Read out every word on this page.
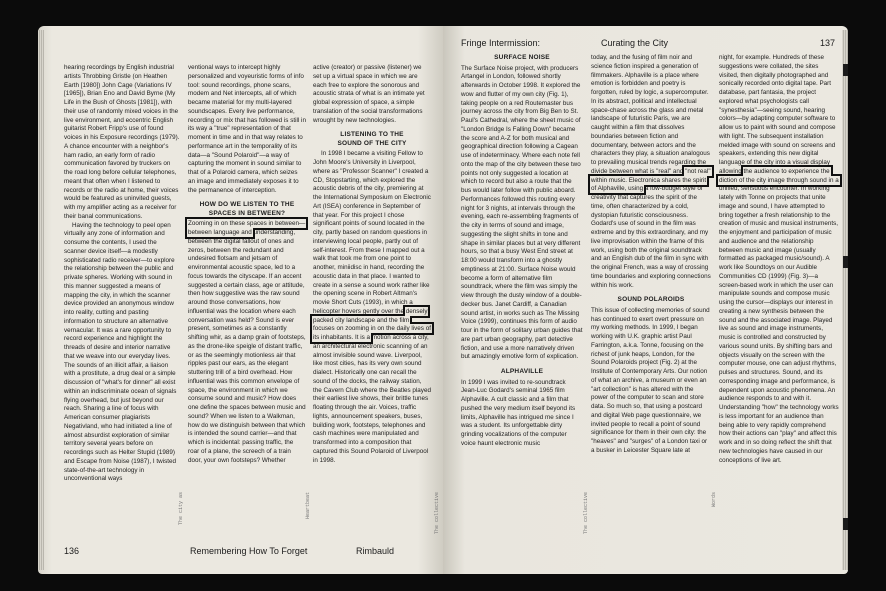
hearing recordings by English industrial artists Throbbing Gristle (on Heathen Earth [1980]) John Cage (Variations IV [1965]), Brian Eno and David Byrne (My Life in the Bush of Ghosts [1981]), with their use of randomly mixed voices in the live environment, and eccentric English guitarist Robert Fripp's use of found voices in his Exposure recordings (1979). A chance encounter with a neighbor's ham radio, an early form of radio communication favored by truckers on the road long before cellular telephones, meant that often when I listened to records or the radio at home, their voices would be featured as uninvited guests, with my amplifier acting as a receiver for their banal communications.

Having the technology to peel open virtually any zone of information and consume the contents, I used the scanner device itself—a modestly sophisticated radio receiver—to explore the relationship between the public and private spheres. Working with sound in this manner suggested a means of mapping the city, in which the scanner device provided an anonymous window into reality, cutting and pasting information to structure an alternative vernacular. It was a rare opportunity to record experience and highlight the threads of desire and interior narrative that we weave into our everyday lives. The sounds of an illicit affair, a liaison with a prostitute, a drug deal or a simple discussion of "what's for dinner" all exist within an indiscriminate ocean of signals flying overhead, but just beyond our reach. Sharing a line of focus with American consumer plagiarists Negativland, who had initiated a line of almost absurdist exploration of similar territory several years before on recordings such as Helter Stupid (1989) and Escape from Noise (1987), I twisted state-of-the-art technology in unconventional ways

ventional ways to intercept highly personalized and voyeuristic forms of info tool: sound recordings, phone scans, modem and Net intercepts, all of which became material for my multi-layered soundscapes. Every live performance, recording or mix that has followed is still in its way a "true" representation of that moment in time and in that way relates to performance art in the temporality of its data—a "Sound Polaroid"—a way of capturing the moment in sound similar to that of a Polaroid camera, which seizes an image and immediately exposes it to the permanence of interception.

HOW DO WE LISTEN TO THE
SPACES IN BETWEEN?

Zooming in on these spaces in between—between language and understanding, between the digital fallout of ones and zeros, between the redundant and undesired flotsam and jetsam of environmental acoustic space, led to a focus towards the cityscape. If an accent suggested a certain class, age or attitude, then how suggestive was the raw sound around those conversations, how influential was the location where each conversation was held? Sound is ever present, sometimes as a constantly shifting whir, as a damp grain of footsteps, as the drone-like speigle of distant traffic, or as the seemingly motionless air that ripples past our ears, as the elegant stuttering trill of a bird overhead. How influential was this common envelope of space, the environment in which we consume sound and music? How does one define the spaces between music and sound? When we listen to a Walkman, how do we distinguish between that which is intended the sound carrier—and that which is incidental: passing traffic, the roar of a plane, the screech of a train door, your own footsteps? Whether

active (creator) or passive (listener) we set up a virtual space in which we are each free to explore the sonorous and acoustic strata of what is an intimate yet global expression of space, a simple translation of the social transformations wrought by new technologies.

LISTENING TO THE
SOUND OF THE CITY

In 1998 I became a visiting Fellow to John Moore's University in Liverpool, where as "Professor Scanner" I created a CD, Stopstarting, which explored the acoustic debris of the city, premiering at the International Symposium on Electronic Art (ISEA) conference in September of that year. For this project I chose significant points of sound located in the city, partly based on random questions in interviewing local people, partly out of self-interest. From these I mapped out a walk that took me from one point to another, miniidisc in hand, recording the acoustic data in that place. I wanted to create in a sense a sound work rather like the opening scene in Robert Altman's movie Short Cuts (1993), in which a helicopter hovers gently over the densely packed city landscape and the film focuses on zooming in on the daily lives of its inhabitants. It is a motion across a city, an architectural electronic scanning of an almost invisible sound wave. Liverpool, like most cities, has its very own sound dialect. Historically one can recall the sound of the docks, the railway station, the Cavern Club where the Beatles played their earliest live shows, their brittle tunes floating through the air. Voices, traffic lights, announcement speakers, buses, building work, footsteps, telephones and cash machines were manipulated and transformed into a composition that captured this Sound Polaroid of Liverpool in 1998.

The city as	Heartbeat	The collective
136	Remembering How To Forget	Rimbauld
Fringe Intermission:	Curating the City	137
SURFACE NOISE

The Surface Noise project, with producers Artangel in London, followed shortly afterwards in October 1998. It explored the wow and flutter of my own city (Fig. 1), taking people on a red Routemaster bus journey across the city from Big Ben to St. Paul's Cathedral, where the sheet music of "London Bridge Is Falling Down" became the score and A-Z for both musical and geographical direction following a Cagean use of indeterminacy. Where each note fell onto the map of the city between these two points not only suggested a location at which to record but also a route that the bus would later follow with public aboard. Performances followed this routing every night for 3 nights, at intervals through the evening, each re-assembling fragments of the city in terms of sound and image, suggesting the slight shifts in tone and shape in similar places but at very different hours, so that a busy West End street at 18:00 would transform into a ghostly emptiness at 21:00. Surface Noise would become a form of alternative film soundtrack, where the film was simply the view through the dusty window of a double-decker bus. Janet Cardiff, a Canadian sound artist, in works such as The Missing Voice (1999), continues this form of audio tour in the form of solitary urban guides that are part urban geography, part detective fiction, and use a more narratively driven but amazingly emotive form of explication.

ALPHAVILLE

In 1999 I was invited to re-soundtrack Jean-Luc Godard's seminal 1965 film Alphaville. A cult classic and a film that pushed the very medium itself beyond its limits, Alphaville has intrigued me since I was a student. Its unforgettable dirty grinding vocalizations of the computer voice haunt electronic music

today, and the fusing of film noir and science fiction inspired a generation of filmmakers. Alphaville is a place where emotion is forbidden and poetry is forgotten, ruled by logic, a supercomputer. In its abstract, political and intellectual space-chase across the glass and metal landscape of futuristic Paris, we are caught within a film that dissolves boundaries between fiction and documentary, between actors and the characters they play, a situation analogous to prevailing musical trends regarding the divide between what is "real" and "not real" within music. Electronica shares the spirit of Alphaville, using a low-budget style of creativity that captures the spirit of the time, often characterized by a cold, dystopian futuristic consciousness. Godard's use of sound in the film was extreme and by this extraordinary, and my live improvisation within the frame of this work, using both the original soundtrack and an English dub of the film in sync with the original French, was a way of crossing time boundaries and exploring connections within his work.

SOUND POLAROIDS

This issue of collecting memories of sound has continued to exert overt pressure on my working methods. In 1999, I began working with U.K. graphic artist Paul Farrington, a.k.a. Tonne, focusing on the richest of junk heaps, London, for the Sound Polaroids project (Fig. 2) at the Institute of Contemporary Arts. Our notion of what an archive, a museum or even an "art collection" is has altered with the power of the computer to scan and store data. So much so, that using a postcard and digital Web page questionnaire, we invited people to recall a point of sound significance for them in their own city: the "heaves" and "surges" of a London taxi or a busker in Leicester Square late at

night, for example. Hundreds of these suggestions were collated, the sites visited, then digitally photographed and sonically recorded onto digital tape. Part database, part fantasia, the project explored what psychologists call "synesthesia"—seeing sound, hearing colors—by adapting computer software to allow us to paint with sound and compose with light. The subsequent installation melded image with sound on screens and speakers, extending this new digital language of the city into a visual display allowing the audience to experience the diction of the city image through sound in a unified, sensuous encounter. In working lately with Tonne on projects that unite image and sound, I have attempted to bring together a fresh relationship to the creation of music and musical instruments, the enjoyment and participation of music and audience and the relationship between music and image (usually formatted as packaged music/sound). A work like Soundtoys on our Audible Communities CD (1999) (Fig. 3)—a screen-based work in which the user can manipulate sounds and compose music using the cursor—displays our interest in creating a new synthesis between the sound and the associated image. Played live as sound and image instruments, music is controlled and constructed by various sound units. By shifting bars and objects visually on the screen with the computer mouse, one can adjust rhythms, pulses and structures. Sound, and its corresponding image and performance, is dependent upon acoustic phenomena. An audience responds to and with it. Understanding "how" the technology works is less important for an audience than being able to very rapidly comprehend how their actions can "play" and affect this work and in so doing reflect the shift that new technologies have caused in our conceptions of live art.

The collective	Words
